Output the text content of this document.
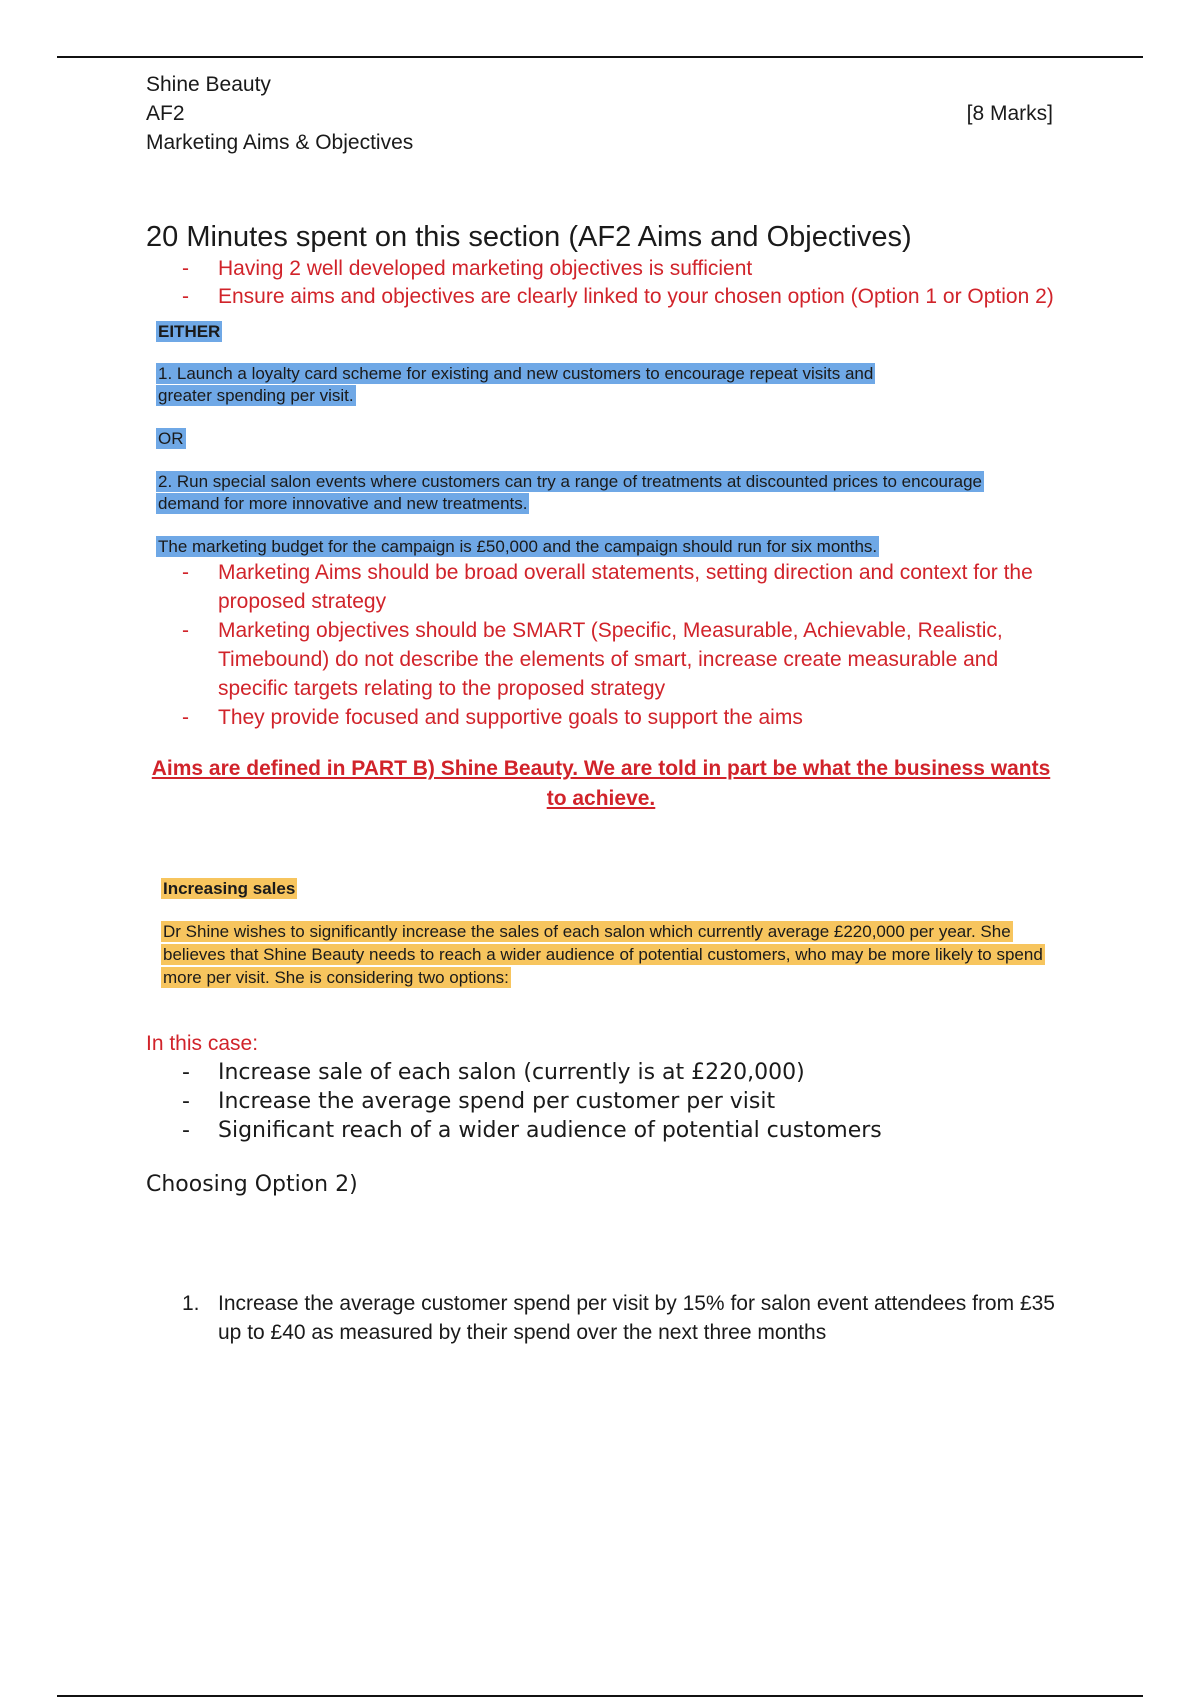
Shine Beauty
AF2	[8 Marks]
Marketing Aims & Objectives
20 Minutes spent on this section (AF2 Aims and Objectives)
- Having 2 well developed marketing objectives is sufficient
- Ensure aims and objectives are clearly linked to your chosen option (Option 1 or Option 2)
EITHER
1. Launch a loyalty card scheme for existing and new customers to encourage repeat visits and greater spending per visit.
OR
2. Run special salon events where customers can try a range of treatments at discounted prices to encourage demand for more innovative and new treatments.
The marketing budget for the campaign is £50,000 and the campaign should run for six months.
- Marketing Aims should be broad overall statements, setting direction and context for the proposed strategy
- Marketing objectives should be SMART (Specific, Measurable, Achievable, Realistic, Timebound) do not describe the elements of smart, increase create measurable and specific targets relating to the proposed strategy
- They provide focused and supportive goals to support the aims
Aims are defined in PART B) Shine Beauty. We are told in part be what the business wants to achieve.
Increasing sales
Dr Shine wishes to significantly increase the sales of each salon which currently average £220,000 per year. She believes that Shine Beauty needs to reach a wider audience of potential customers, who may be more likely to spend more per visit. She is considering two options:
In this case:
- Increase sale of each salon (currently is at £220,000)
- Increase the average spend per customer per visit
- Significant reach of a wider audience of potential customers
Choosing Option 2)
1. Increase the average customer spend per visit by 15% for salon event attendees from £35 up to £40 as measured by their spend over the next three months
